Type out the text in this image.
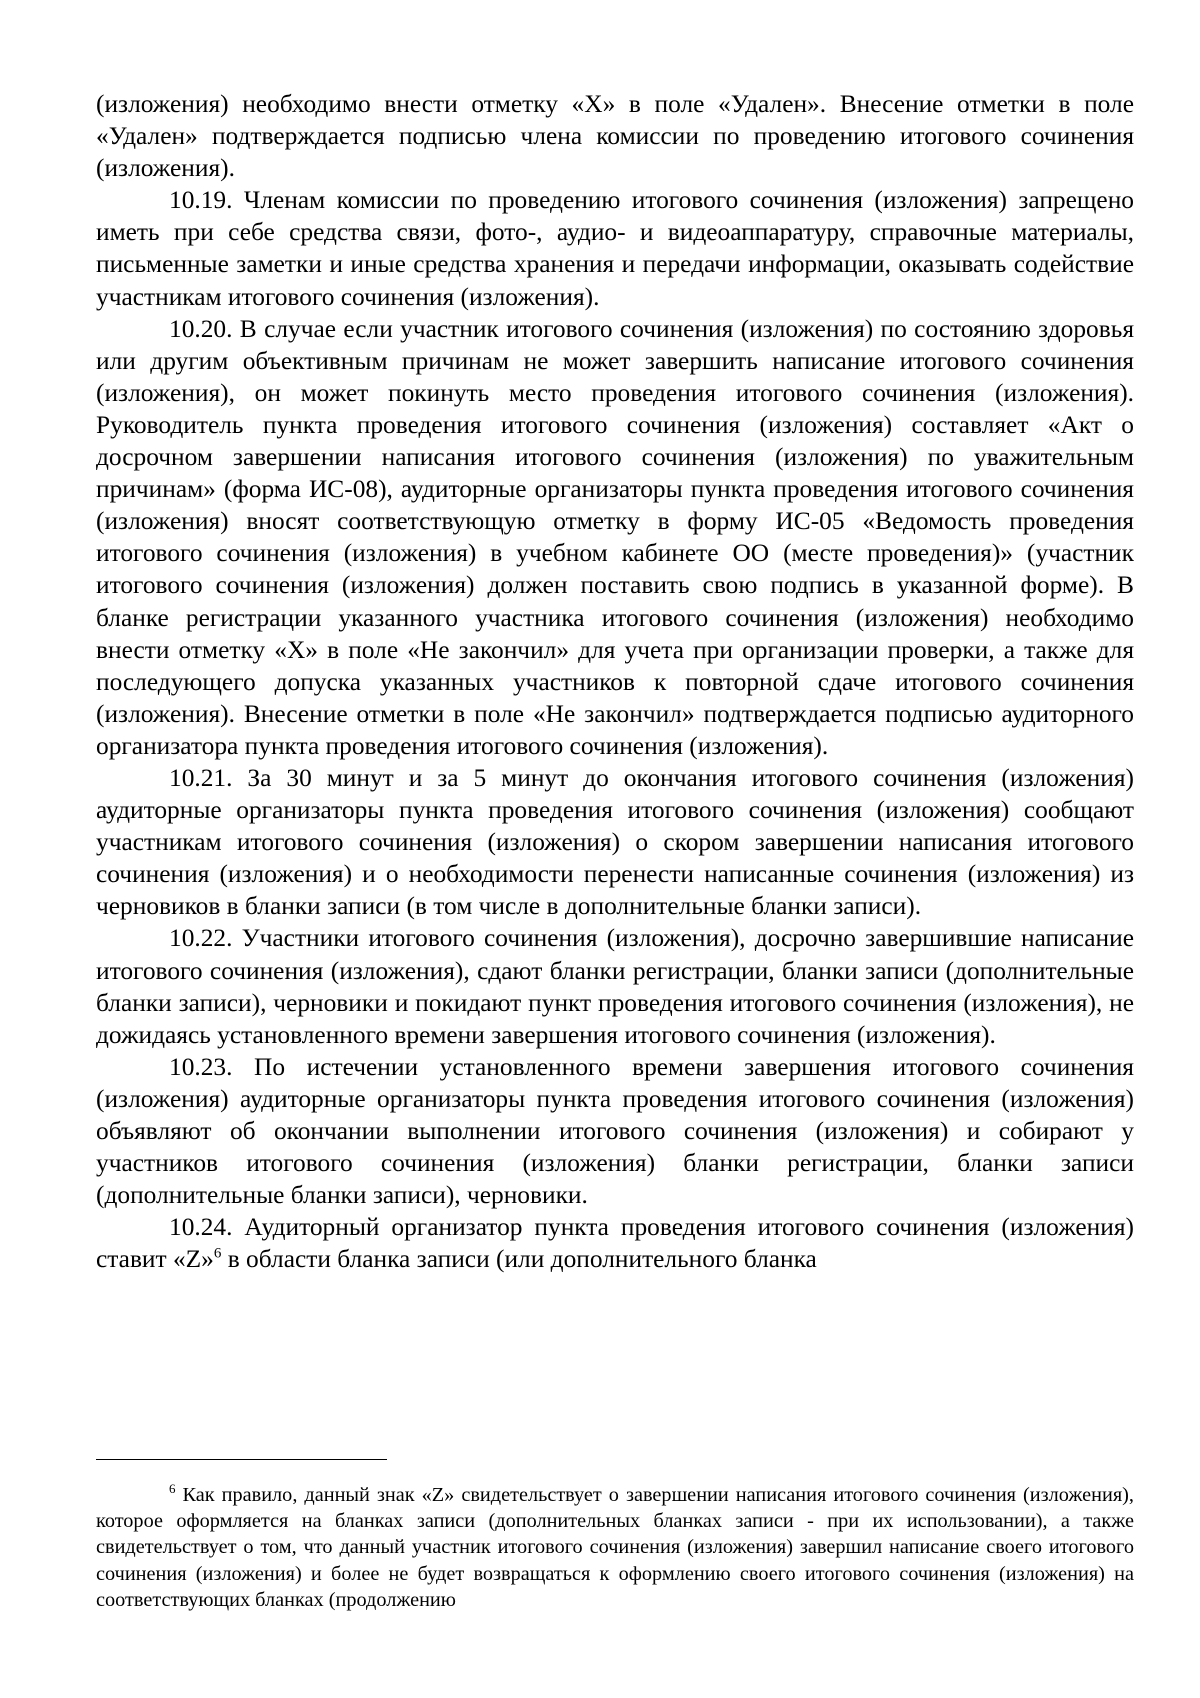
(изложения) необходимо внести отметку «Х» в поле «Удален». Внесение отметки в поле «Удален» подтверждается подписью члена комиссии по проведению итогового сочинения (изложения).

10.19. Членам комиссии по проведению итогового сочинения (изложения) запрещено иметь при себе средства связи, фото-, аудио- и видеоаппаратуру, справочные материалы, письменные заметки и иные средства хранения и передачи информации, оказывать содействие участникам итогового сочинения (изложения).

10.20. В случае если участник итогового сочинения (изложения) по состоянию здоровья или другим объективным причинам не может завершить написание итогового сочинения (изложения), он может покинуть место проведения итогового сочинения (изложения). Руководитель пункта проведения итогового сочинения (изложения) составляет «Акт о досрочном завершении написания итогового сочинения (изложения) по уважительным причинам» (форма ИС-08), аудиторные организаторы пункта проведения итогового сочинения (изложения) вносят соответствующую отметку в форму ИС-05 «Ведомость проведения итогового сочинения (изложения) в учебном кабинете ОО (месте проведения)» (участник итогового сочинения (изложения) должен поставить свою подпись в указанной форме). В бланке регистрации указанного участника итогового сочинения (изложения) необходимо внести отметку «Х» в поле «Не закончил» для учета при организации проверки, а также для последующего допуска указанных участников к повторной сдаче итогового сочинения (изложения). Внесение отметки в поле «Не закончил» подтверждается подписью аудиторного организатора пункта проведения итогового сочинения (изложения).

10.21. За 30 минут и за 5 минут до окончания итогового сочинения (изложения) аудиторные организаторы пункта проведения итогового сочинения (изложения) сообщают участникам итогового сочинения (изложения) о скором завершении написания итогового сочинения (изложения) и о необходимости перенести написанные сочинения (изложения) из черновиков в бланки записи (в том числе в дополнительные бланки записи).

10.22. Участники итогового сочинения (изложения), досрочно завершившие написание итогового сочинения (изложения), сдают бланки регистрации, бланки записи (дополнительные бланки записи), черновики и покидают пункт проведения итогового сочинения (изложения), не дожидаясь установленного времени завершения итогового сочинения (изложения).

10.23. По истечении установленного времени завершения итогового сочинения (изложения) аудиторные организаторы пункта проведения итогового сочинения (изложения) объявляют об окончании выполнении итогового сочинения (изложения) и собирают у участников итогового сочинения (изложения) бланки регистрации, бланки записи (дополнительные бланки записи), черновики.

10.24. Аудиторный организатор пункта проведения итогового сочинения (изложения) ставит «Z»$^6$ в области бланка записи (или дополнительного бланка

$^6$ Как правило, данный знак «Z» свидетельствует о завершении написания итогового сочинения (изложения), которое оформляется на бланках записи (дополнительных бланках записи - при их использовании), а также свидетельствует о том, что данный участник итогового сочинения (изложения) завершил написание своего итогового сочинения (изложения) и более не будет возвращаться к оформлению своего итогового сочинения (изложения) на соответствующих бланках (продолжению
